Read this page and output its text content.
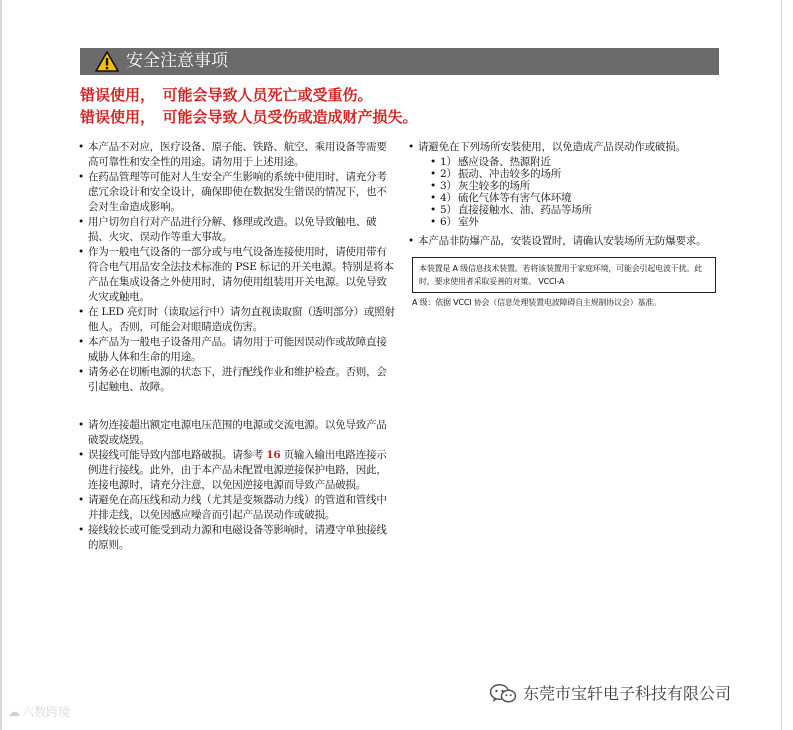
安全注意事项
错误使用，　可能会导致人员死亡或受重伤。
错误使用，　可能会导致人员受伤或造成财产损失。
• 本产品不对应，医疗设备、原子能、铁路、航空、乘用设备等需要高可靠性和安全性的用途。请勿用于上述用途。
• 在药品管理等可能对人生安全产生影响的系统中使用时，请充分考虑冗余设计和安全设计，确保即使在数据发生错误的情况下，也不会对生命造成影响。
• 用户切勿自行对产品进行分解、修理或改造。以免导致触电、破损、火灾、误动作等重大事故。
• 作为一般电气设备的一部分或与电气设备连接使用时，请使用带有符合电气用品安全法技术标准的 PSE 标记的开关电源。特别是将本产品在集成设备之外使用时，请勿使用组装用开关电源。以免导致火灾或触电。
• 在 LED 亮灯时（读取运行中）请勿直视读取窗（透明部分）或照射他人。否则，可能会对眼睛造成伤害。
• 本产品为一般电子设备用产品。请勿用于可能因误动作或故障直接威胁人体和生命的用途。
• 请务必在切断电源的状态下，进行配线作业和维护检查。否则，会引起触电、故障。
• 请勿连接超出额定电源电压范围的电源或交流电源。以免导致产品破裂或烧毁。
• 误接线可能导致内部电路破损。请参考 16 页输入输出电路连接示例进行接线。此外，由于本产品未配置电源逆接保护电路，因此，连接电源时，请充分注意，以免因逆接电源而导致产品破损。
• 请避免在高压线和动力线（尤其是变频器动力线）的管道和管线中并排走线，以免因感应噪音而引起产品误动作或破损。
• 接线较长或可能受到动力源和电磁设备等影响时，请遵守单独接线的原则。
• 请避免在下列场所安装使用，以免造成产品误动作或破损。
• 1）感应设备、热源附近
• 2）振动、冲击较多的场所
• 3）灰尘较多的场所
• 4）硫化气体等有害气体环境
• 5）直接接触水、油、药品等场所
• 6）室外
• 本产品非防爆产品，安装设置时，请确认安装场所无防爆要求。
本装置是 A 级信息技术装置。若将该装置用于家庭环境，可能会引起电波干扰。此时，要求使用者采取妥善的对策。 VCCI-A
A 级：依据 VCCI 协会（信息处理装置电波障碍自主规制协议会）基准。
东莞市宝轩电子科技有限公司
☁ 六数跨境
